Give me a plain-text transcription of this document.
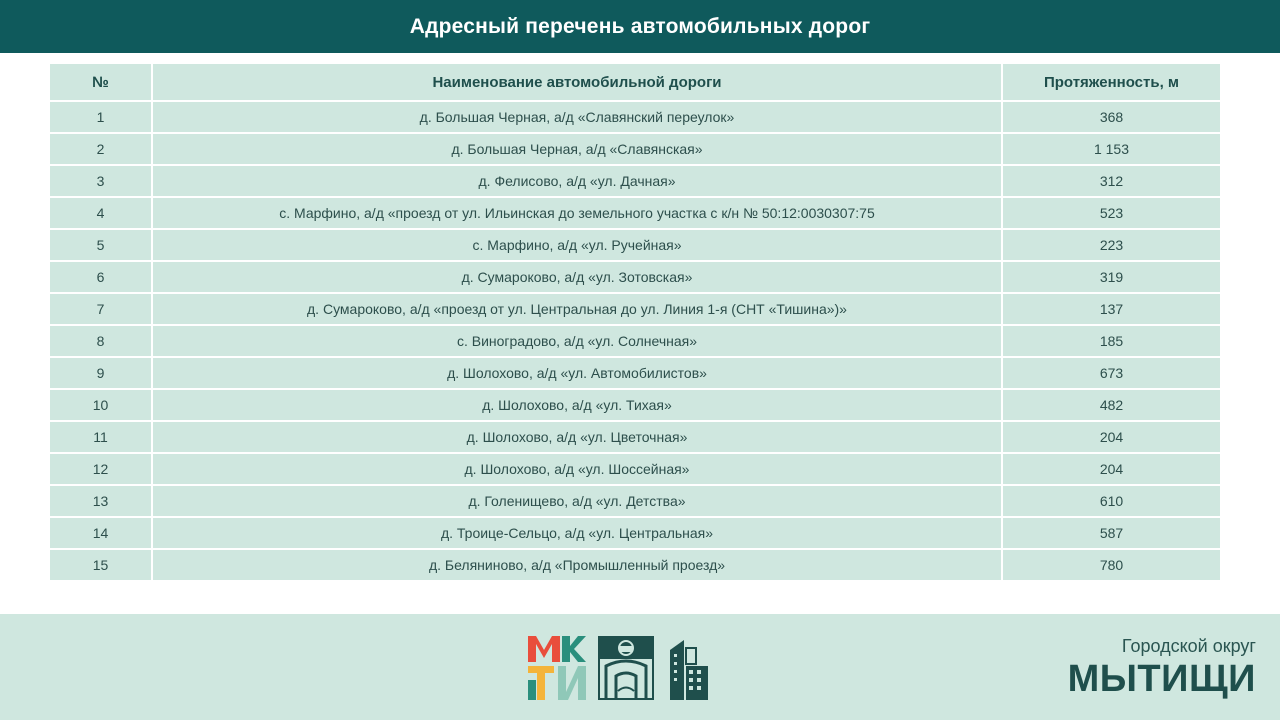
Адресный перечень автомобильных дорог
№	Наименование автомобильной дороги	Протяженность, м
1	д. Большая Черная, а/д «Славянский переулок»	368
2	д. Большая Черная, а/д «Славянская»	1 153
3	д. Фелисово, а/д «ул. Дачная»	312
4	с. Марфино, а/д «проезд от ул. Ильинская до земельного участка с к/н № 50:12:0030307:75	523
5	с. Марфино, а/д «ул. Ручейная»	223
6	д. Сумароково, а/д «ул. Зотовская»	319
7	д. Сумароково, а/д «проезд от ул. Центральная до ул. Линия 1-я (СНТ «Тишина»)»	137
8	с. Виноградово, а/д «ул. Солнечная»	185
9	д. Шолохово, а/д «ул. Автомобилистов»	673
10	д. Шолохово, а/д «ул. Тихая»	482
11	д. Шолохово, а/д «ул. Цветочная»	204
12	д. Шолохово, а/д «ул. Шоссейная»	204
13	д. Голенищево, а/д «ул. Детства»	610
14	д. Троице-Сельцо, а/д «ул. Центральная»	587
15	д. Беляниново, а/д «Промышленный проезд»	780
Городской округ
МЫТИЩИ
